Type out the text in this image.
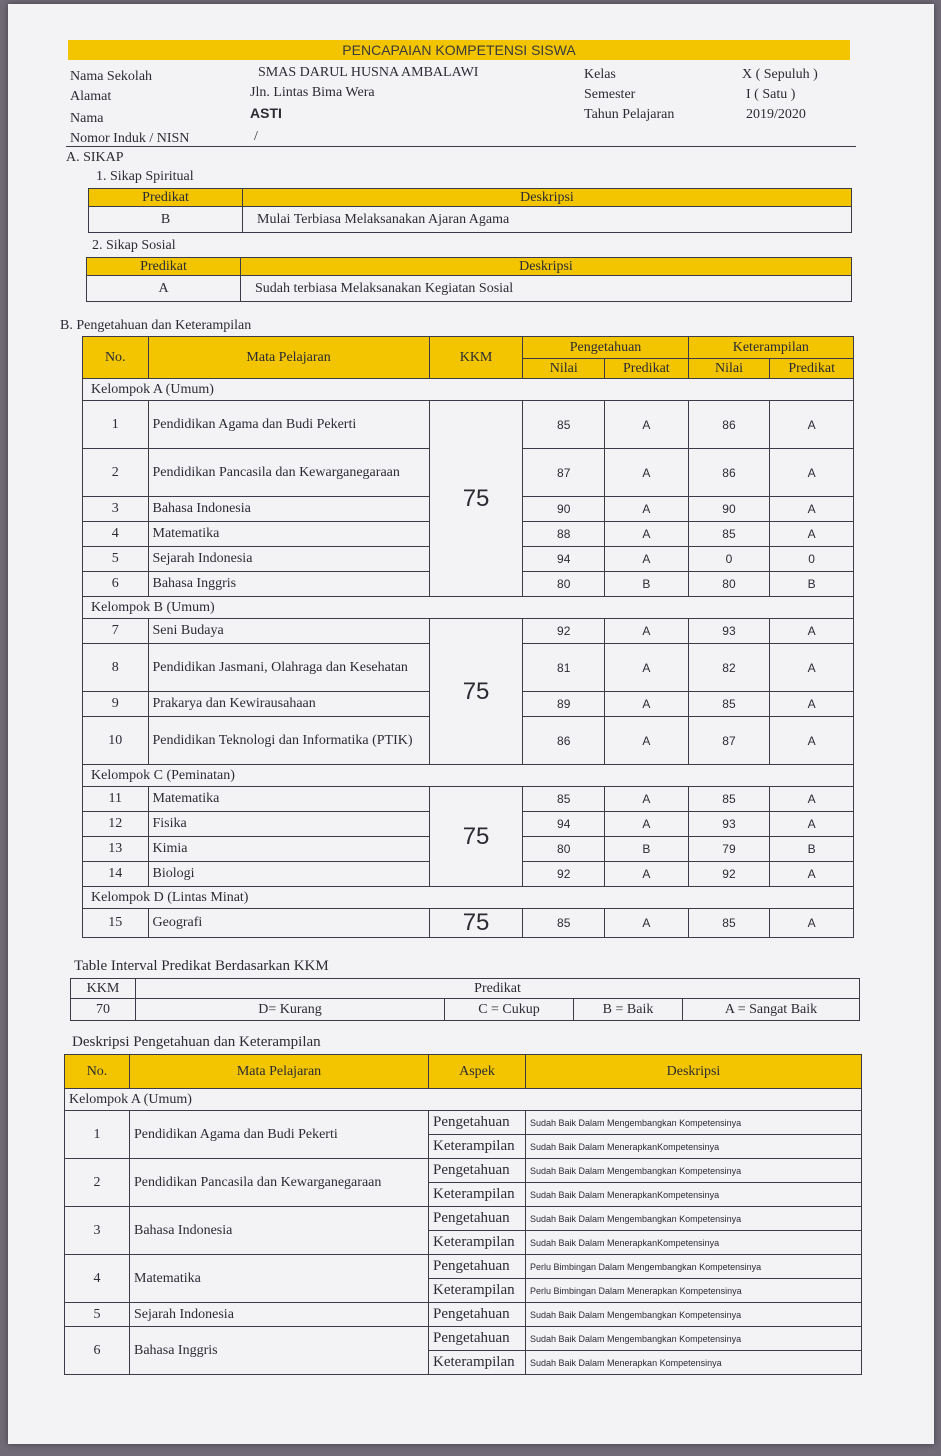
PENCAPAIAN KOMPETENSI SISWA
Nama Sekolah	SMAS DARUL HUSNA AMBALAWI
Alamat	Jln. Lintas Bima Wera
Nama	ASTI
Nomor Induk / NISN	/
Kelas	X ( Sepuluh )
Semester	I ( Satu )
Tahun Pelajaran	2019/2020
A. SIKAP
1. Sikap Spiritual
Predikat	Deskripsi
B	Mulai Terbiasa Melaksanakan Ajaran Agama
2. Sikap Sosial
Predikat	Deskripsi
A	Sudah terbiasa Melaksanakan Kegiatan Sosial
B. Pengetahuan dan Keterampilan
No.	Mata Pelajaran	KKM	Pengetahuan		Keterampilan	
			Nilai	Predikat	Nilai	Predikat
Kelompok A (Umum)						
1	Pendidikan Agama dan Budi Pekerti	75	85	A	86	A
2	Pendidikan Pancasila dan Kewarganegaraan		87	A	86	A
3	Bahasa Indonesia		90	A	90	A
4	Matematika		88	A	85	A
5	Sejarah Indonesia		94	A	0	0
6	Bahasa Inggris		80	B	80	B
Kelompok B (Umum)						
7	Seni Budaya	75	92	A	93	A
8	Pendidikan Jasmani, Olahraga dan Kesehatan		81	A	82	A
9	Prakarya dan Kewirausahaan		89	A	85	A
10	Pendidikan Teknologi dan Informatika (PTIK)		86	A	87	A
Kelompok C (Peminatan)						
11	Matematika	75	85	A	85	A
12	Fisika		94	A	93	A
13	Kimia		80	B	79	B
14	Biologi		92	A	92	A
Kelompok D (Lintas Minat)						
15	Geografi	75	85	A	85	A
Table Interval Predikat Berdasarkan KKM
KKM	Predikat			
70	D= Kurang	C = Cukup	B = Baik	A = Sangat Baik
Deskripsi Pengetahuan dan Keterampilan
No.	Mata Pelajaran	Aspek	Deskripsi
Kelompok A (Umum)			
1	Pendidikan Agama dan Budi Pekerti	Pengetahuan	Sudah Baik Dalam Mengembangkan Kompetensinya
		Keterampilan	Sudah Baik Dalam MenerapkanKompetensinya
2	Pendidikan Pancasila dan Kewarganegaraan	Pengetahuan	Sudah Baik Dalam Mengembangkan Kompetensinya
		Keterampilan	Sudah Baik Dalam MenerapkanKompetensinya
3	Bahasa Indonesia	Pengetahuan	Sudah Baik Dalam Mengembangkan Kompetensinya
		Keterampilan	Sudah Baik Dalam MenerapkanKompetensinya
4	Matematika	Pengetahuan	Perlu Bimbingan Dalam Mengembangkan Kompetensinya
		Keterampilan	Perlu Bimbingan Dalam Menerapkan Kompetensinya
5	Sejarah Indonesia	Pengetahuan	Sudah Baik Dalam Mengembangkan Kompetensinya
6	Bahasa Inggris	Pengetahuan	Sudah Baik Dalam Mengembangkan Kompetensinya
		Keterampilan	Sudah Baik Dalam Menerapkan Kompetensinya
